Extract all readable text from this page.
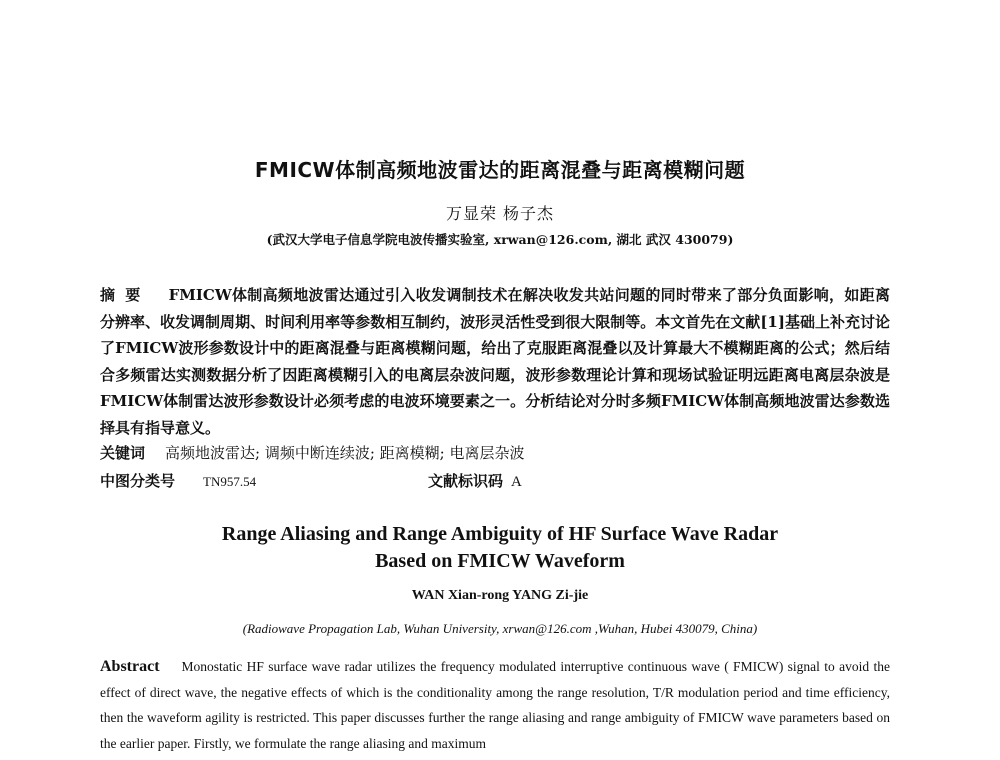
FMICW体制高频地波雷达的距离混叠与距离模糊问题
万显荣 杨子杰
(武汉大学电子信息学院电波传播实验室, xrwan@126.com, 湖北 武汉 430079)
摘要 FMICW体制高频地波雷达通过引入收发调制技术在解决收发共站问题的同时带来了部分负面影响，如距离分辨率、收发调制周期、时间利用率等参数相互制约，波形灵活性受到很大限制等。本文首先在文献[1]基础上补充讨论了FMICW波形参数设计中的距离混叠与距离模糊问题，给出了克服距离混叠以及计算最大不模糊距离的公式；然后结合多频雷达实测数据分析了因距离模糊引入的电离层杂波问题，波形参数理论计算和现场试验证明远距离电离层杂波是FMICW体制雷达波形参数设计必须考虑的电波环境要素之一。分析结论对分时多频FMICW体制高频地波雷达参数选择具有指导意义。
关键词 高频地波雷达; 调频中断连续波; 距离模糊; 电离层杂波
中图分类号 TN957.54	文献标识码 A
Range Aliasing and Range Ambiguity of HF Surface Wave Radar
Based on FMICW Waveform
WAN Xian-rong YANG Zi-jie
(Radiowave Propagation Lab, Wuhan University, xrwan@126.com ,Wuhan, Hubei 430079, China)
Abstract Monostatic HF surface wave radar utilizes the frequency modulated interruptive continuous wave ( FMICW) signal to avoid the effect of direct wave, the negative effects of which is the conditionality among the range resolution, T/R modulation period and time efficiency, then the waveform agility is restricted. This paper discusses further the range aliasing and range ambiguity of FMICW wave parameters based on the earlier paper. Firstly, we formulate the range aliasing and maximum
